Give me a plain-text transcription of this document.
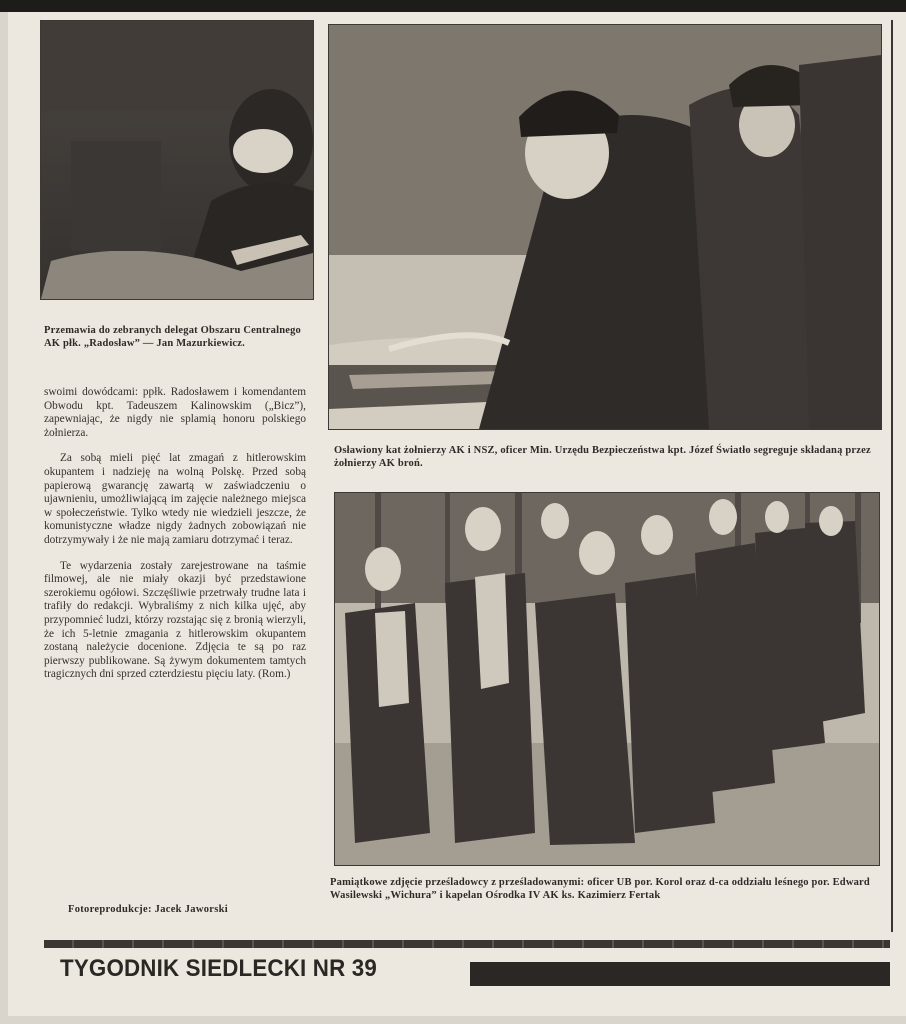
Przemawia do zebranych delegat Obszaru Centralnego AK płk. „Radosław” — Jan Mazurkiewicz.

swoimi dowódcami: ppłk. Radosławem i komendantem Obwodu kpt. Tadeuszem Kalinowskim („Bicz”), zapewniając, że nigdy nie splamią honoru polskiego żołnierza.

Za sobą mieli pięć lat zmagań z hitlerowskim okupantem i nadzieję na wolną Polskę. Przed sobą papierową gwarancję zawartą w zaświadczeniu o ujawnieniu, umożliwiającą im zajęcie należnego miejsca w społeczeństwie. Tylko wtedy nie wiedzieli jeszcze, że komunistyczne władze nigdy żadnych zobowiązań nie dotrzymywały i że nie mają zamiaru dotrzymać i teraz.

Te wydarzenia zostały zarejestrowane na taśmie filmowej, ale nie miały okazji być przedstawione szerokiemu ogółowi. Szczęśliwie przetrwały trudne lata i trafiły do redakcji. Wybraliśmy z nich kilka ujęć, aby przypomnieć ludzi, którzy rozstając się z bronią wierzyli, że ich 5-letnie zmagania z hitlerowskim okupantem zostaną należycie docenione. Zdjęcia te są po raz pierwszy publikowane. Są żywym dokumentem tamtych tragicznych dni sprzed czterdziestu pięciu laty. (Rom.)

Fotoreprodukcje: Jacek Jaworski
Osławiony kat żołnierzy AK i NSZ, oficer Min. Urzędu Bezpieczeństwa kpt. Józef Światło segreguje składaną przez żołnierzy AK broń.
Pamiątkowe zdjęcie prześladowcy z prześladowanymi: oficer UB por. Korol oraz d-ca oddziału leśnego por. Edward Wasilewski „Wichura” i kapelan Ośrodka IV AK ks. Kazimierz Fertak
TYGODNIK SIEDLECKI NR 39
